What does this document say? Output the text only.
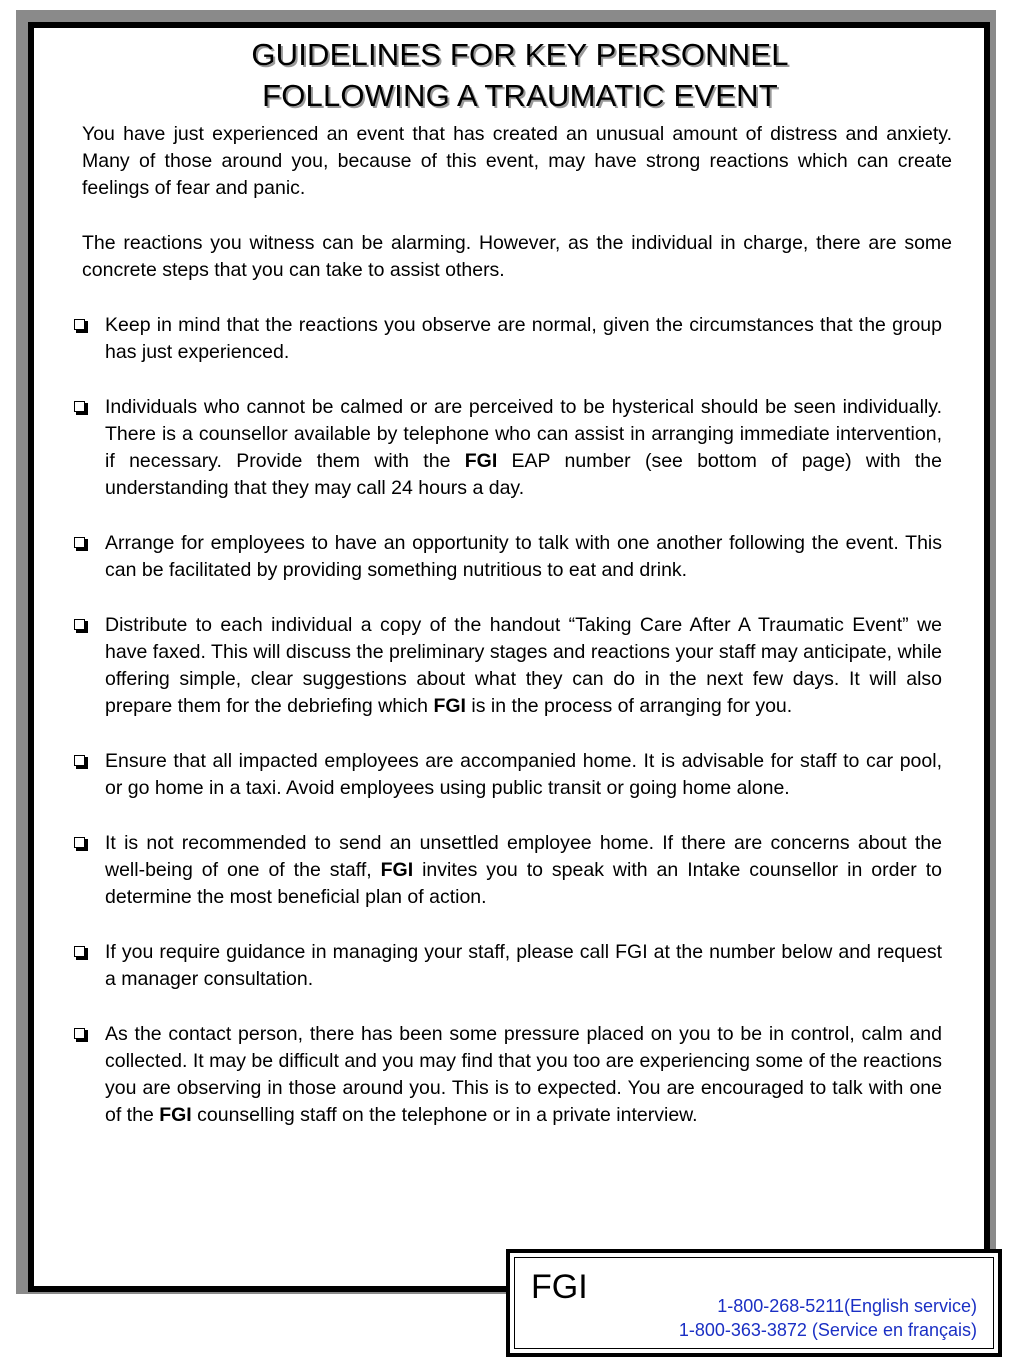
GUIDELINES FOR KEY PERSONNEL
FOLLOWING A TRAUMATIC EVENT
You have just experienced an event that has created an unusual amount of distress and anxiety. Many of those around you, because of this event, may have strong reactions which can create feelings of fear and panic.
The reactions you witness can be alarming. However, as the individual in charge, there are some concrete steps that you can take to assist others.
Keep in mind that the reactions you observe are normal, given the circumstances that the group has just experienced.
Individuals who cannot be calmed or are perceived to be hysterical should be seen individually. There is a counsellor available by telephone who can assist in arranging immediate intervention, if necessary. Provide them with the FGI EAP number (see bottom of page) with the understanding that they may call 24 hours a day.
Arrange for employees to have an opportunity to talk with one another following the event. This can be facilitated by providing something nutritious to eat and drink.
Distribute to each individual a copy of the handout “Taking Care After A Traumatic Event” we have faxed. This will discuss the preliminary stages and reactions your staff may anticipate, while offering simple, clear suggestions about what they can do in the next few days. It will also prepare them for the debriefing which FGI is in the process of arranging for you.
Ensure that all impacted employees are accompanied home. It is advisable for staff to car pool, or go home in a taxi. Avoid employees using public transit or going home alone.
It is not recommended to send an unsettled employee home. If there are concerns about the well-being of one of the staff, FGI invites you to speak with an Intake counsellor in order to determine the most beneficial plan of action.
If you require guidance in managing your staff, please call FGI at the number below and request a manager consultation.
As the contact person, there has been some pressure placed on you to be in control, calm and collected. It may be difficult and you may find that you too are experiencing some of the reactions you are observing in those around you. This is to expected. You are encouraged to talk with one of the FGI counselling staff on the telephone or in a private interview.
FGI	1-800-268-5211(English service)
1-800-363-3872 (Service en français)
